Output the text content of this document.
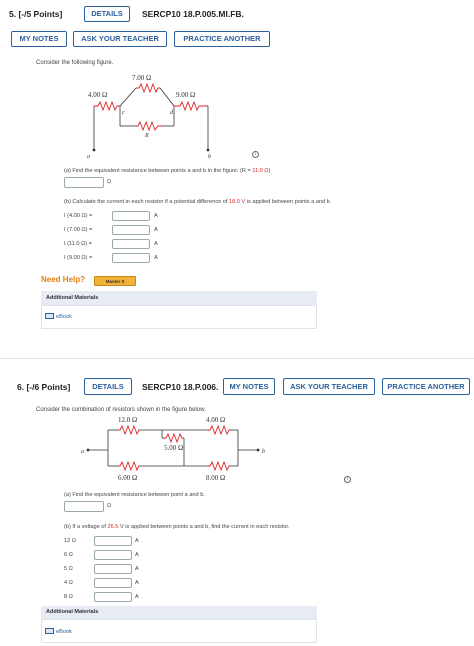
5. [-/5 Points]	DETAILS	SERCP10 18.P.005.MI.FB.
MY NOTES	ASK YOUR TEACHER	PRACTICE ANOTHER
Consider the following figure.
7.00 Ω
4.00 Ω	9.00 Ω
R
c	d
a	b	i
(a) Find the equivalent resistance between points a and b in the figure. (R = 11.0 Ω)
Ω
(b) Calculate the current in each resistor if a potential difference of 18.0 V is applied between points a and b.
I (4.00 Ω) =	A
I (7.00 Ω) =	A
I (11.0 Ω) =	A
I (9.00 Ω) =	A
Need Help?	Master It
Additional Materials
eBook
6. [-/6 Points]	DETAILS	SERCP10 18.P.006.	MY NOTES	ASK YOUR TEACHER	PRACTICE ANOTHER
Consider the combination of resistors shown in the figure below.
12.0 Ω	4.00 Ω
5.00 Ω
6.00 Ω	8.00 Ω
a	b
i
(a) Find the equivalent resistance between point a and b.
Ω
(b) If a voltage of 26.5 V is applied between points a and b, find the current in each resistor.
12 Ω	A
6 Ω	A
5 Ω	A
4 Ω	A
8 Ω	A
Additional Materials
eBook
